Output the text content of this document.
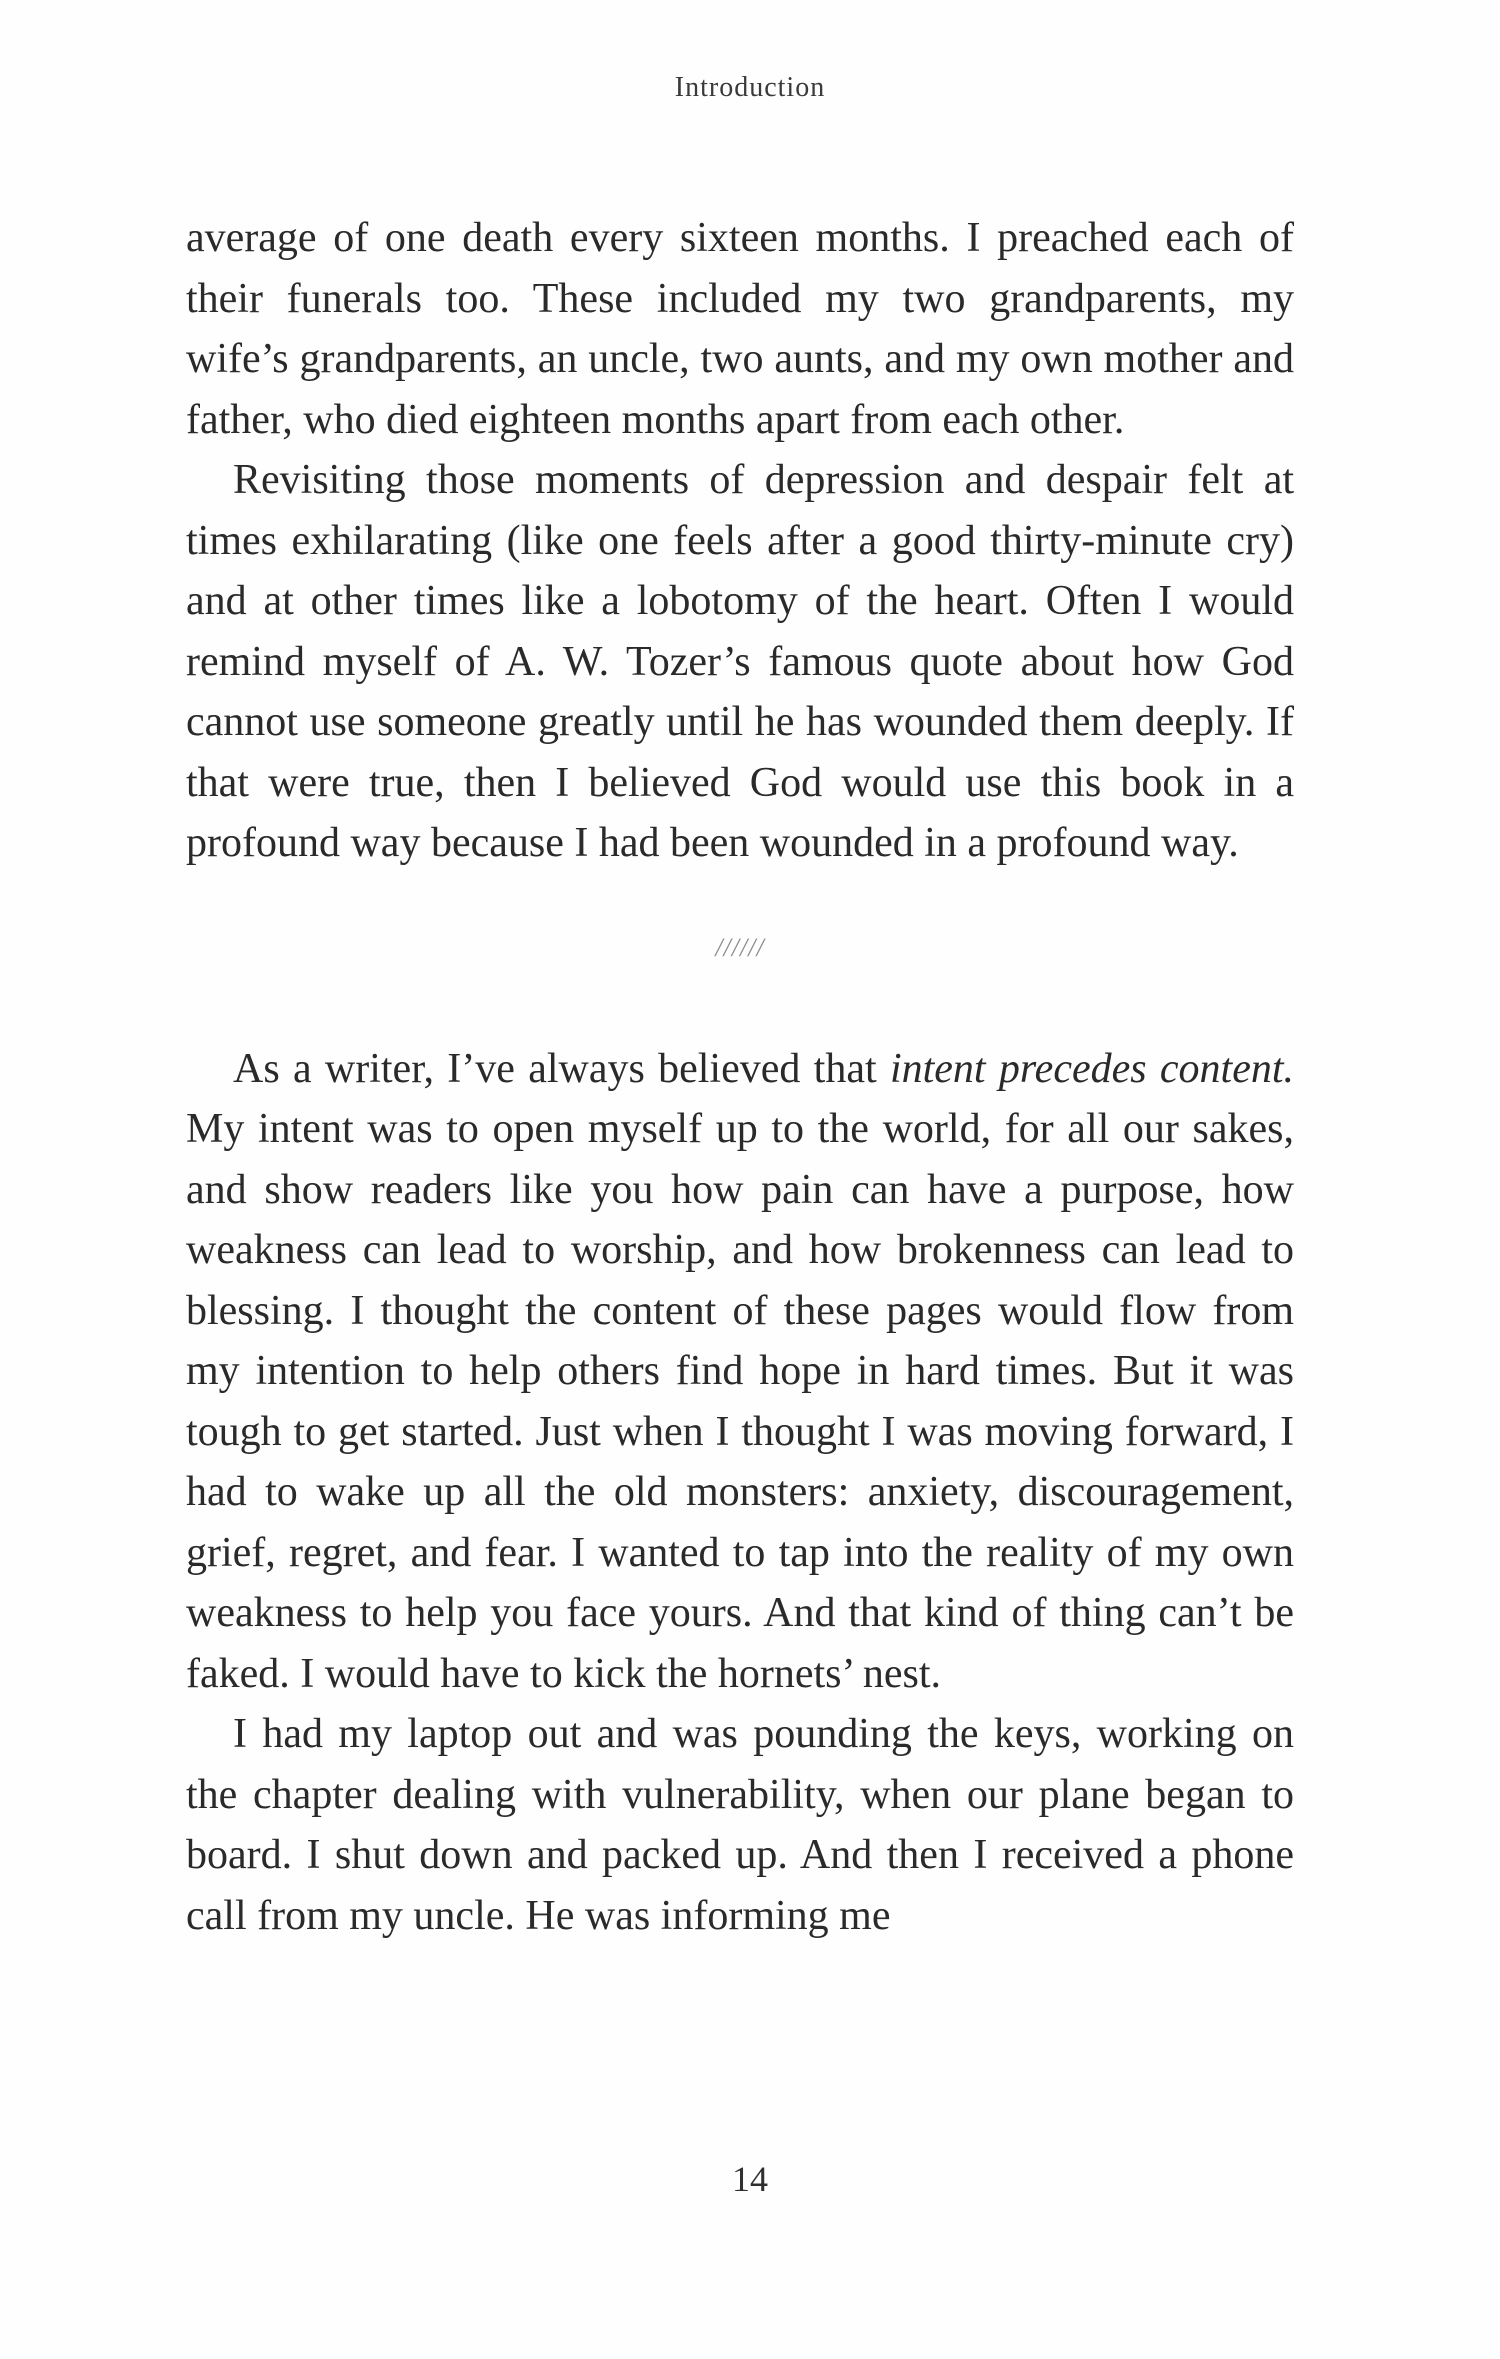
Introduction

average of one death every sixteen months. I preached each of their funerals too. These included my two grandparents, my wife’s grandparents, an uncle, two aunts, and my own mother and father, who died eighteen months apart from each other.

Revisiting those moments of depression and despair felt at times exhilarating (like one feels after a good thirty-minute cry) and at other times like a lobotomy of the heart. Often I would remind myself of A. W. Tozer’s famous quote about how God cannot use someone greatly until he has wounded them deeply. If that were true, then I believed God would use this book in a profound way because I had been wounded in a profound way.

//////

As a writer, I’ve always believed that intent precedes content. My intent was to open myself up to the world, for all our sakes, and show readers like you how pain can have a purpose, how weakness can lead to worship, and how brokenness can lead to blessing. I thought the content of these pages would flow from my intention to help others find hope in hard times. But it was tough to get started. Just when I thought I was moving forward, I had to wake up all the old monsters: anxiety, discouragement, grief, regret, and fear. I wanted to tap into the reality of my own weakness to help you face yours. And that kind of thing can’t be faked. I would have to kick the hornets’ nest.

I had my laptop out and was pounding the keys, working on the chapter dealing with vulnerability, when our plane began to board. I shut down and packed up. And then I received a phone call from my uncle. He was informing me

14
